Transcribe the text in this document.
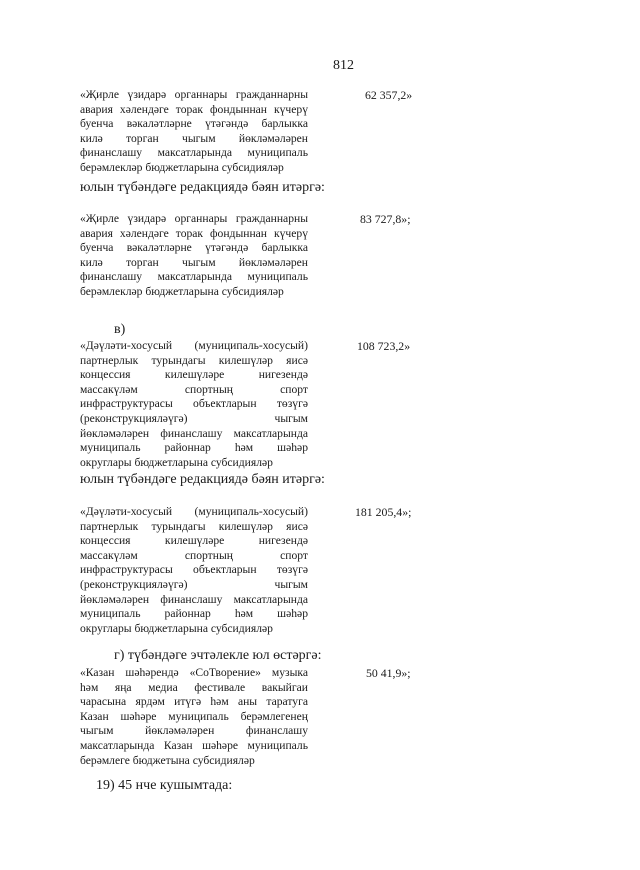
812
«Җирле үзидарә органнары гражданнарны
авария хәлендәге торак фондыннан күчерү
буенча вәкаләтләрне үтәгәндә барлыкка
килә торган чыгым йөкләмәләрен
финанслашу максатларында муниципаль
берәмлекләр бюджетларына субсидияләр
62 357,2»
юлын түбәндәге редакциядә бәян итәргә:
«Җирле үзидарә органнары гражданнарны
авария хәлендәге торак фондыннан күчерү
буенча вәкаләтләрне үтәгәндә барлыкка
килә торган чыгым йөкләмәләрен
финанслашу максатларында муниципаль
берәмлекләр бюджетларына субсидияләр
83 727,8»;
в)
«Дәүләти-хосусый (муниципаль-хосусый)
партнерлык турындагы килешүләр яисә
концессия килешүләре нигезендә
массакүләм спортның спорт
инфраструктурасы объектларын төзүгә
(реконструкцияләүгә) чыгым
йөкләмәләрен финанслашу максатларында
муниципаль районнар һәм шәһәр
округлары бюджетларына субсидияләр
108 723,2»
юлын түбәндәге редакциядә бәян итәргә:
«Дәүләти-хосусый (муниципаль-хосусый)
партнерлык турындагы килешүләр яисә
концессия килешүләре нигезендә
массакүләм спортның спорт
инфраструктурасы объектларын төзүгә
(реконструкцияләүгә) чыгым
йөкләмәләрен финанслашу максатларында
муниципаль районнар һәм шәһәр
округлары бюджетларына субсидияләр
181 205,4»;
г) түбәндәге эчтәлекле юл өстәргә:
«Казан шәһәрендә «СоТворение» музыка
һәм яңа медиа фестивале вакыйгаи
чарасына ярдәм итүгә һәм аны таратуга
Казан шәһәре муниципаль берәмлегенең
чыгым йөкләмәләрен финанслашу
максатларында Казан шәһәре муниципаль
берәмлеге бюджетына субсидияләр
50 41,9»;
19) 45 нче кушымтада:
